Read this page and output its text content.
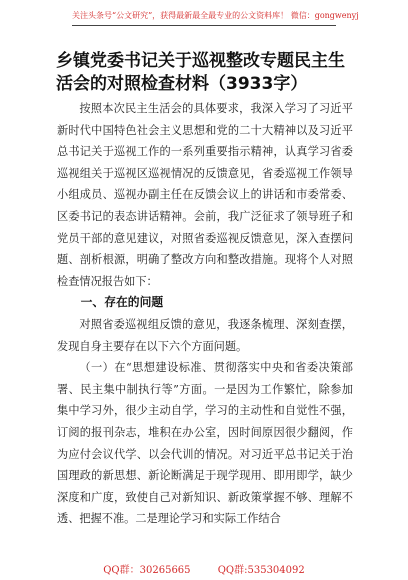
关注头条号“公文研究”，获得最新最全最专业的公文资料库！ 微信：gongwenyj
乡镇党委书记关于巡视整改专题民主生活会的对照检查材料（3933字）

按照本次民主生活会的具体要求，我深入学习了习近平新时代中国特色社会主义思想和党的二十大精神以及习近平总书记关于巡视工作的一系列重要指示精神，认真学习省委巡视组关于巡视区巡视情况的反馈意见，省委巡视工作领导小组成员、巡视办副主任在反馈会议上的讲话和市委常委、区委书记的表态讲话精神。会前，我广泛征求了领导班子和党员干部的意见建议，对照省委巡视反馈意见，深入查摆问题、剖析根源，明确了整改方向和整改措施。现将个人对照检查情况报告如下：

一、存在的问题

对照省委巡视组反馈的意见，我逐条梳理、深刻查摆，发现自身主要存在以下六个方面问题。

（一）在“思想建设标准、贯彻落实中央和省委决策部署、民主集中制执行等”方面。一是因为工作繁忙，除参加集中学习外，很少主动自学，学习的主动性和自觉性不强，订阅的报刊杂志，堆积在办公室，因时间原因很少翻阅，作为应付会议代学、以会代训的情况。对习近平总书记关于治国理政的新思想、新论断满足于现学现用、即用即学，缺少深度和广度，致使自己对新知识、新政策掌握不够、理解不透、把握不准。二是理论学习和实际工作结合

QQ群：30265665	QQ群:535304092
